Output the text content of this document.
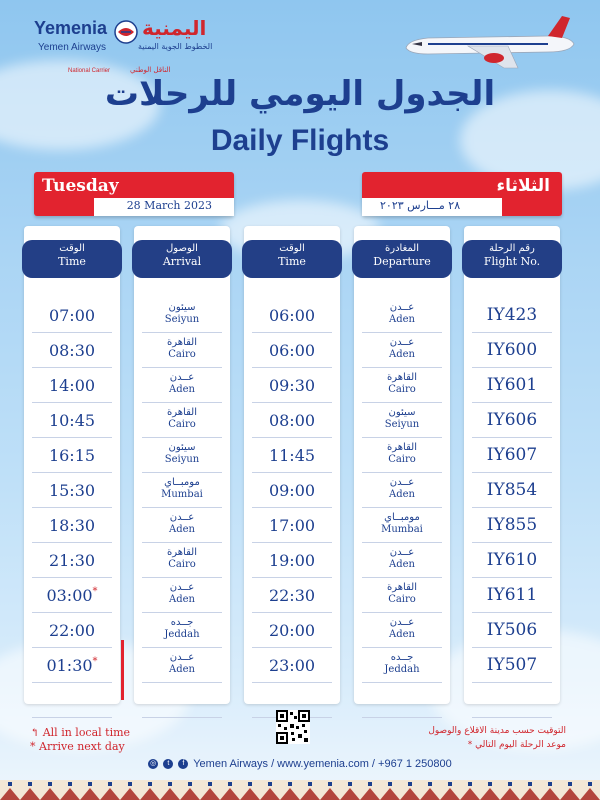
Yemenia
Yemen Airways
National Carrier
اليمنية
الخطوط الجوية اليمنية
الناقل الوطني
الجدول اليومي للرحلات
Daily Flights
Tuesday
28 March 2023
الثلاثاء
٢٨ مـــارس ٢٠٢٣
الوقت
Time
07:00
08:30
14:00
10:45
16:15
15:30
18:30
21:30
03:00*
22:00
01:30*
الوصول
Arrival
سيئون
Seiyun
القاهرة
Cairo
عــدن
Aden
القاهرة
Cairo
سيئون
Seiyun
مومبــاي
Mumbai
عــدن
Aden
القاهرة
Cairo
عــدن
Aden
جــده
Jeddah
عــدن
Aden
الوقت
Time
06:00
06:00
09:30
08:00
11:45
09:00
17:00
19:00
22:30
20:00
23:00
المغادرة
Departure
عــدن
Aden
عــدن
Aden
القاهرة
Cairo
سيئون
Seiyun
القاهرة
Cairo
عــدن
Aden
مومبــاي
Mumbai
عــدن
Aden
القاهرة
Cairo
عــدن
Aden
جــده
Jeddah
رقم الرحلة
Flight No.
IY423
IY600
IY601
IY606
IY607
IY854
IY855
IY610
IY611
IY506
IY507
↰ All in local time
* Arrive next day
التوقيت حسب مدينة الاقلاع والوصول
* موعد الرحلة اليوم التالي
◎ t f Yemen Airways / www.yemenia.com / +967 1 250800
